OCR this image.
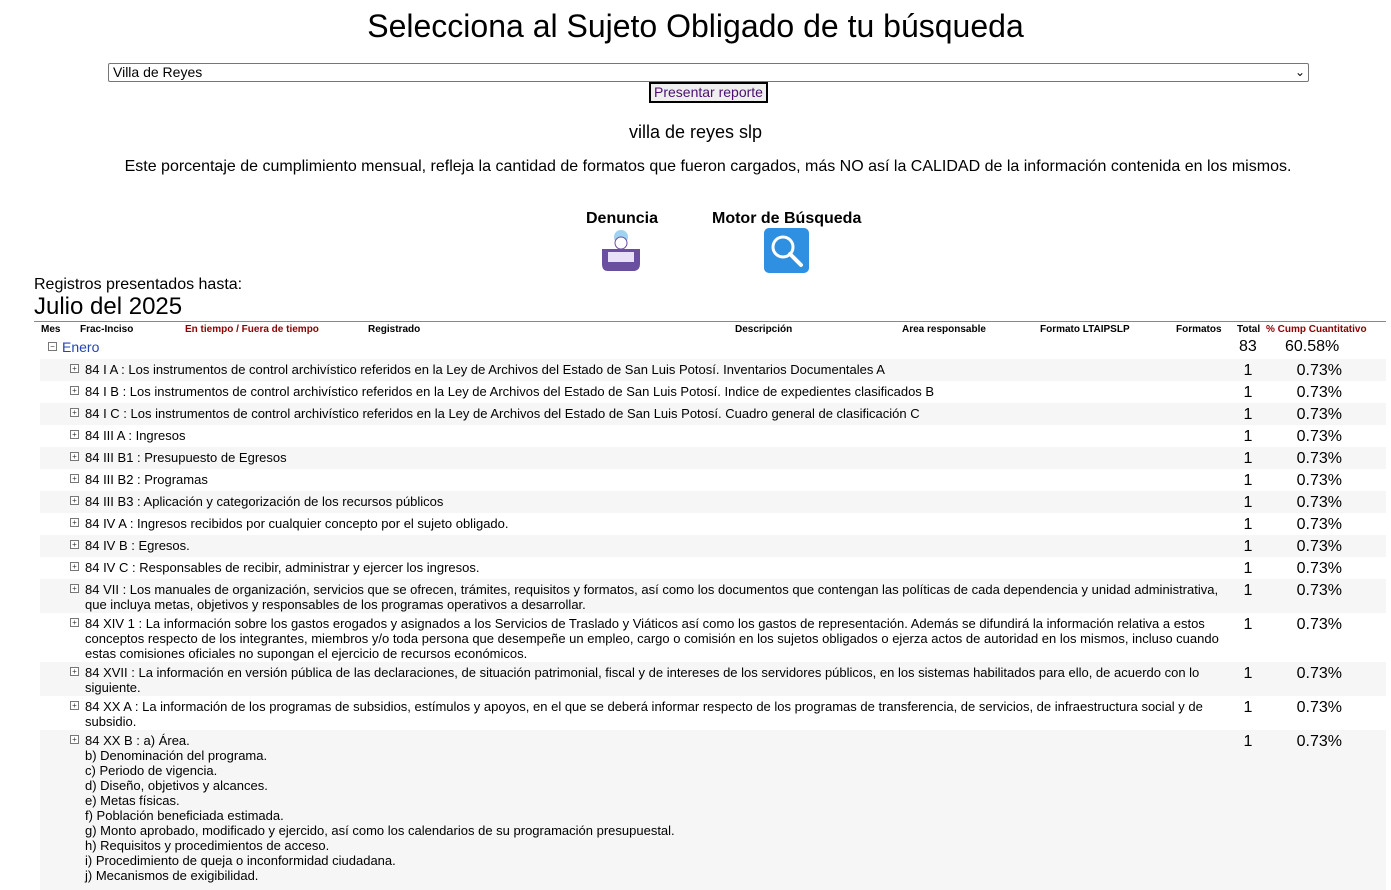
Selecciona al Sujeto Obligado de tu búsqueda
Villa de Reyes	⌄
Presentar reporte
villa de reyes slp
Este porcentaje de cumplimiento mensual, refleja la cantidad de formatos que fueron cargados, más NO así la CALIDAD de la información contenida en los mismos.
Denuncia	Motor de Búsqueda
Registros presentados hasta:
Julio del 2025
Mes Frac-Inciso	En tiempo / Fuera de tiempo	Registrado	Descripción	Area responsable	Formato LTAIPSLP	Formatos Total % Cump Cuantitativo
− Enero	83 60.58%
+ 84 I A : Los instrumentos de control archivístico referidos en la Ley de Archivos del Estado de San Luis Potosí. Inventarios Documentales A	1	0.73%
+ 84 I B : Los instrumentos de control archivístico referidos en la Ley de Archivos del Estado de San Luis Potosí. Indice de expedientes clasificados B	1	0.73%
+ 84 I C : Los instrumentos de control archivístico referidos en la Ley de Archivos del Estado de San Luis Potosí. Cuadro general de clasificación C	1	0.73%
+ 84 III A : Ingresos	1	0.73%
+ 84 III B1 : Presupuesto de Egresos	1	0.73%
+ 84 III B2 : Programas	1	0.73%
+ 84 III B3 : Aplicación y categorización de los recursos públicos	1	0.73%
+ 84 IV A : Ingresos recibidos por cualquier concepto por el sujeto obligado.	1	0.73%
+ 84 IV B : Egresos.	1	0.73%
+ 84 IV C : Responsables de recibir, administrar y ejercer los ingresos.	1	0.73%
+ 84 VII : Los manuales de organización, servicios que se ofrecen, trámites, requisitos y formatos, así como los documentos que contengan las políticas de cada dependencia y unidad administrativa, que incluya metas, objetivos y responsables de los programas operativos a desarrollar.
1	0.73%
+ 84 XIV 1 : La información sobre los gastos erogados y asignados a los Servicios de Traslado y Viáticos así como los gastos de representación. Además se difundirá la información relativa a estos conceptos respecto de los integrantes, miembros y/o toda persona que desempeñe un empleo, cargo o comisión en los sujetos obligados o ejerza actos de autoridad en los mismos, incluso cuando estas comisiones oficiales no supongan el ejercicio de recursos económicos.
1	0.73%
+ 84 XVII : La información en versión pública de las declaraciones, de situación patrimonial, fiscal y de intereses de los servidores públicos, en los sistemas habilitados para ello, de acuerdo con lo siguiente.
1	0.73%
+ 84 XX A : La información de los programas de subsidios, estímulos y apoyos, en el que se deberá informar respecto de los programas de transferencia, de servicios, de infraestructura social y de subsidio.
1	0.73%
+ 84 XX B : a) Área.
b) Denominación del programa.
c) Periodo de vigencia.
d) Diseño, objetivos y alcances.
e) Metas físicas.
f) Población beneficiada estimada.
g) Monto aprobado, modificado y ejercido, así como los calendarios de su programación presupuestal.
h) Requisitos y procedimientos de acceso.
i) Procedimiento de queja o inconformidad ciudadana.
j) Mecanismos de exigibilidad.
1	0.73%
